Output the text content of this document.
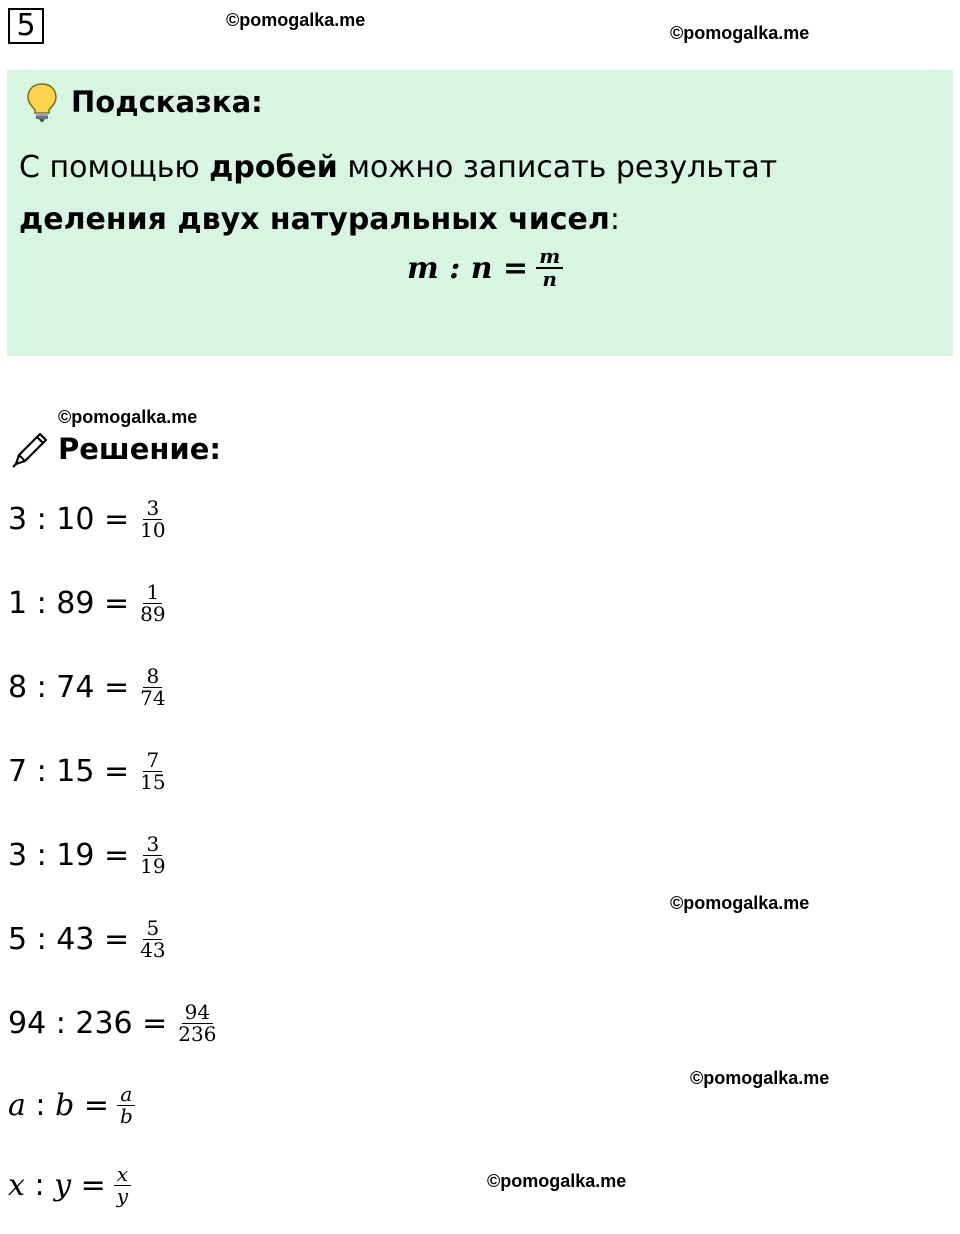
5	©pomogalka.me
©pomogalka.me
Подсказка:
С помощью дробей можно записать результат деления двух натуральных чисел:
m : $n = \frac{m}{n}$
©pomogalka.me
Решение:
3 : $10 = \frac{3}{10}$
1 : $89 = \frac{1}{89}$
8 : $74 = \frac{8}{74}$
7 : $15 = \frac{7}{15}$
3 : $19 = \frac{3}{19}$
5 : $43 = \frac{5}{43}$
94 : $236 = \frac{94}{236}$
a : $b = \frac{a}{b}$
x : $y = \frac{x}{y}$
©pomogalka.me
©pomogalka.me
©pomogalka.me
